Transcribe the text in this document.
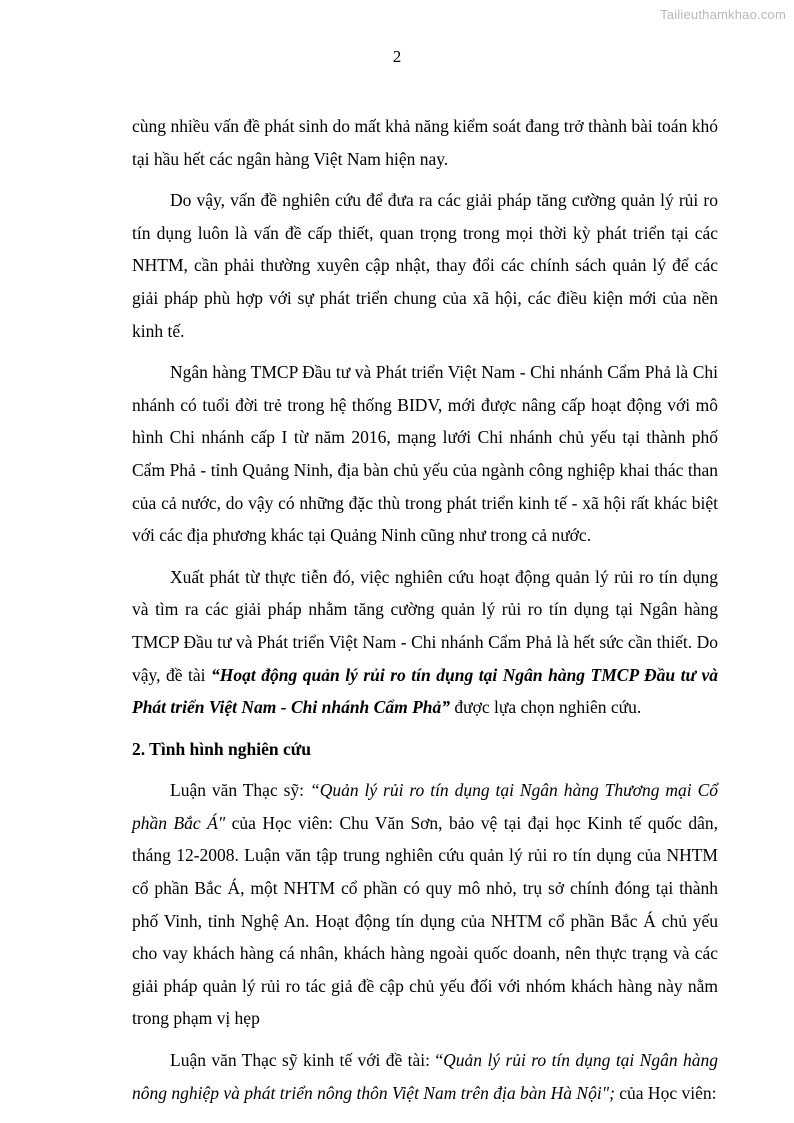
Tailieuthamkhao.com
2

cùng nhiều vấn đề phát sinh do mất khả năng kiểm soát đang trở thành bài toán khó tại hầu hết các ngân hàng Việt Nam hiện nay.

Do vậy, vấn đề nghiên cứu để đưa ra các giải pháp tăng cường quản lý rủi ro tín dụng luôn là vấn đề cấp thiết, quan trọng trong mọi thời kỳ phát triển tại các NHTM, cần phải thường xuyên cập nhật, thay đổi các chính sách quản lý để các giải pháp phù hợp với sự phát triển chung của xã hội, các điều kiện mới của nền kinh tế.

Ngân hàng TMCP Đầu tư và Phát triển Việt Nam - Chi nhánh Cẩm Phả là Chi nhánh có tuổi đời trẻ trong hệ thống BIDV, mới được nâng cấp hoạt động với mô hình Chi nhánh cấp I từ năm 2016, mạng lưới Chi nhánh chủ yếu tại thành phố Cẩm Phả - tỉnh Quảng Ninh, địa bàn chủ yếu của ngành công nghiệp khai thác than của cả nước, do vậy có những đặc thù trong phát triển kinh tế - xã hội rất khác biệt với các địa phương khác tại Quảng Ninh cũng như trong cả nước.

Xuất phát từ thực tiễn đó, việc nghiên cứu hoạt động quản lý rủi ro tín dụng và tìm ra các giải pháp nhằm tăng cường quản lý rủi ro tín dụng tại Ngân hàng TMCP Đầu tư và Phát triển Việt Nam - Chi nhánh Cẩm Phả là hết sức cần thiết. Do vậy, đề tài “Hoạt động quản lý rủi ro tín dụng tại Ngân hàng TMCP Đầu tư và Phát triển Việt Nam - Chi nhánh Cẩm Phả” được lựa chọn nghiên cứu.

2. Tình hình nghiên cứu

Luận văn Thạc sỹ: “Quản lý rủi ro tín dụng tại Ngân hàng Thương mại Cổ phần Bắc Á" của Học viên: Chu Văn Sơn, bảo vệ tại đại học Kinh tế quốc dân, tháng 12-2008. Luận văn tập trung nghiên cứu quản lý rủi ro tín dụng của NHTM cổ phần Bắc Á, một NHTM cổ phần có quy mô nhỏ, trụ sở chính đóng tại thành phố Vinh, tỉnh Nghệ An. Hoạt động tín dụng của NHTM cổ phần Bắc Á chủ yếu cho vay khách hàng cá nhân, khách hàng ngoài quốc doanh, nên thực trạng và các giải pháp quản lý rủi ro tác giả đề cập chủ yếu đối với nhóm khách hàng này nằm trong phạm vị hẹp

Luận văn Thạc sỹ kinh tế với đề tài: “Quản lý rủi ro tín dụng tại Ngân hàng nông nghiệp và phát triển nông thôn Việt Nam trên địa bàn Hà Nội"; của Học viên:
